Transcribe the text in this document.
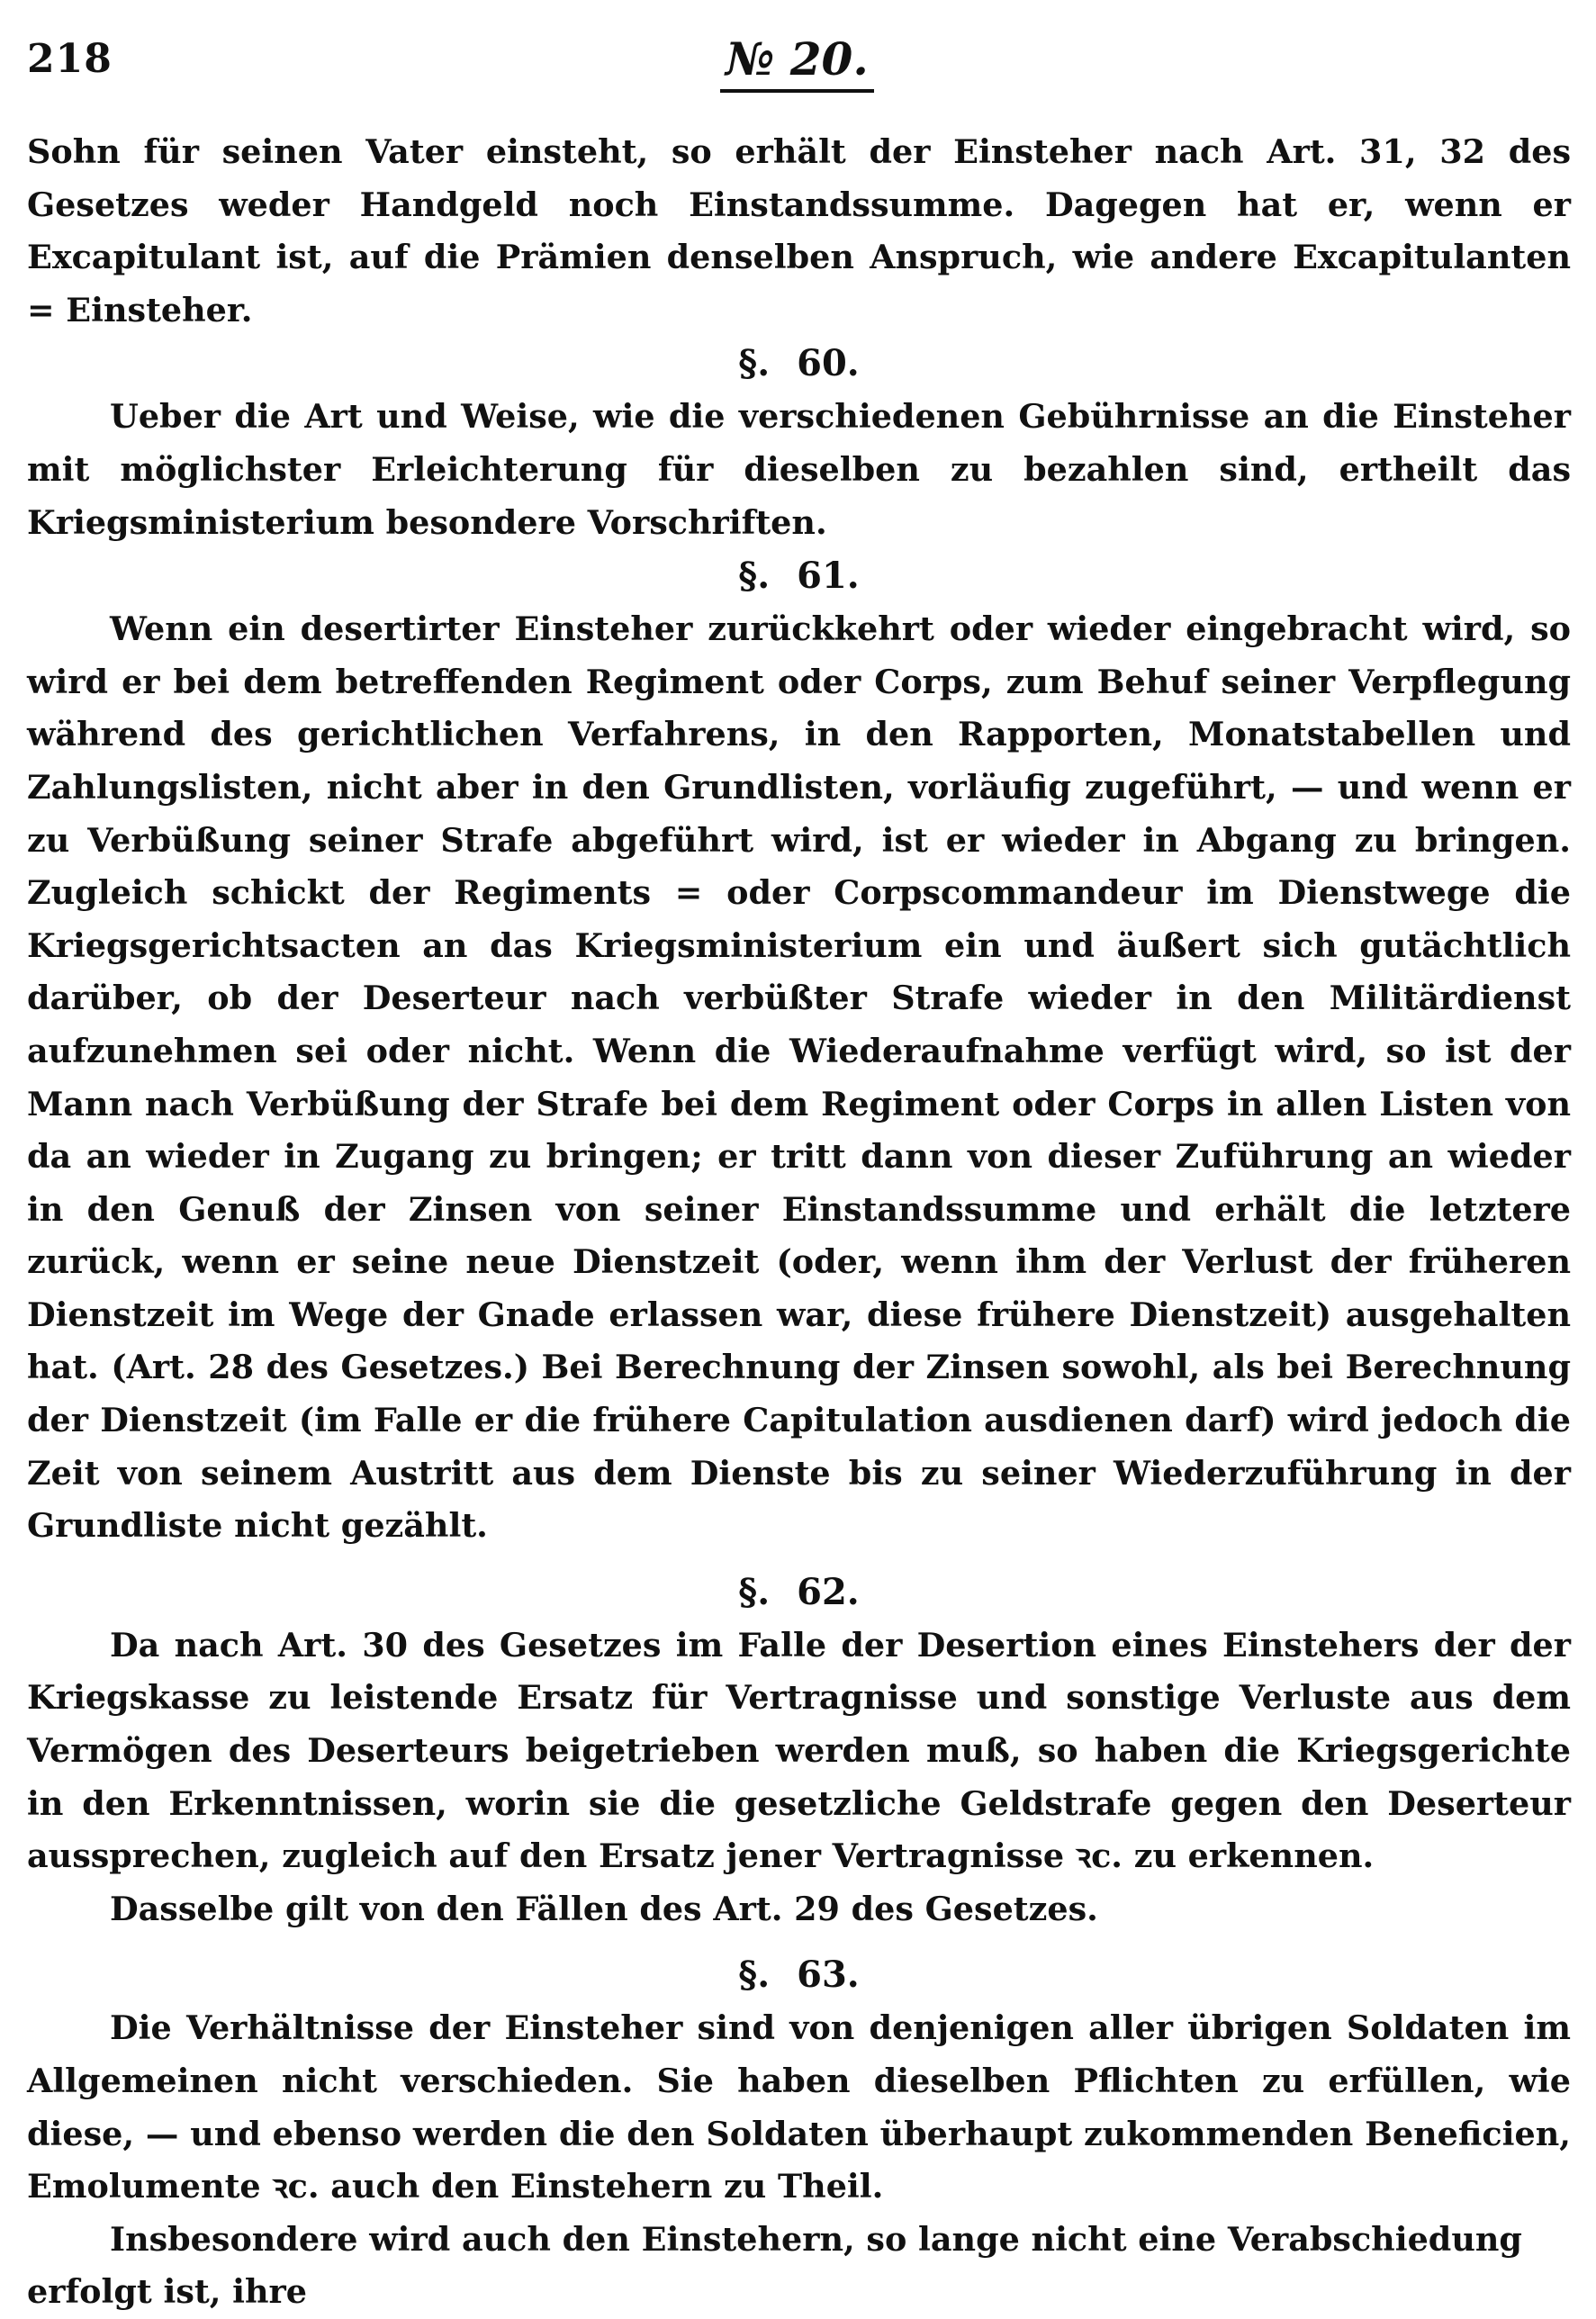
218	№ 20.

Sohn für seinen Vater einsteht, so erhält der Einsteher nach Art. 31, 32 des Gesetzes weder Handgeld noch Einstandssumme. Dagegen hat er, wenn er Excapitulant ist, auf die Prämien denselben Anspruch, wie andere Excapitulanten = Einsteher.

§. 60.

Ueber die Art und Weise, wie die verschiedenen Gebührnisse an die Einsteher mit möglichster Erleichterung für dieselben zu bezahlen sind, ertheilt das Kriegsministerium besondere Vorschriften.

§. 61.

Wenn ein desertirter Einsteher zurückkehrt oder wieder eingebracht wird, so wird er bei dem betreffenden Regiment oder Corps, zum Behuf seiner Verpflegung während des gerichtlichen Verfahrens, in den Rapporten, Monatstabellen und Zahlungslisten, nicht aber in den Grundlisten, vorläufig zugeführt, — und wenn er zu Verbüßung seiner Strafe abgeführt wird, ist er wieder in Abgang zu bringen. Zugleich schickt der Regiments = oder Corpscommandeur im Dienstwege die Kriegsgerichtsacten an das Kriegsministerium ein und äußert sich gutächtlich darüber, ob der Deserteur nach verbüßter Strafe wieder in den Militärdienst aufzunehmen sei oder nicht. Wenn die Wiederaufnahme verfügt wird, so ist der Mann nach Verbüßung der Strafe bei dem Regiment oder Corps in allen Listen von da an wieder in Zugang zu bringen; er tritt dann von dieser Zuführung an wieder in den Genuß der Zinsen von seiner Einstandssumme und erhält die letztere zurück, wenn er seine neue Dienstzeit (oder, wenn ihm der Verlust der früheren Dienstzeit im Wege der Gnade erlassen war, diese frühere Dienstzeit) ausgehalten hat. (Art. 28 des Gesetzes.) Bei Berechnung der Zinsen sowohl, als bei Berechnung der Dienstzeit (im Falle er die frühere Capitulation ausdienen darf) wird jedoch die Zeit von seinem Austritt aus dem Dienste bis zu seiner Wiederzuführung in der Grundliste nicht gezählt.

§. 62.

Da nach Art. 30 des Gesetzes im Falle der Desertion eines Einstehers der der Kriegskasse zu leistende Ersatz für Vertragnisse und sonstige Verluste aus dem Vermögen des Deserteurs beigetrieben werden muß, so haben die Kriegsgerichte in den Erkenntnissen, worin sie die gesetzliche Geldstrafe gegen den Deserteur aussprechen, zugleich auf den Ersatz jener Vertragnisse ꝛc. zu erkennen.

Dasselbe gilt von den Fällen des Art. 29 des Gesetzes.

§. 63.

Die Verhältnisse der Einsteher sind von denjenigen aller übrigen Soldaten im Allgemeinen nicht verschieden. Sie haben dieselben Pflichten zu erfüllen, wie diese, — und ebenso werden die den Soldaten überhaupt zukommenden Beneficien, Emolumente ꝛc. auch den Einstehern zu Theil.

Insbesondere wird auch den Einstehern, so lange nicht eine Verabschiedung erfolgt ist, ihre
